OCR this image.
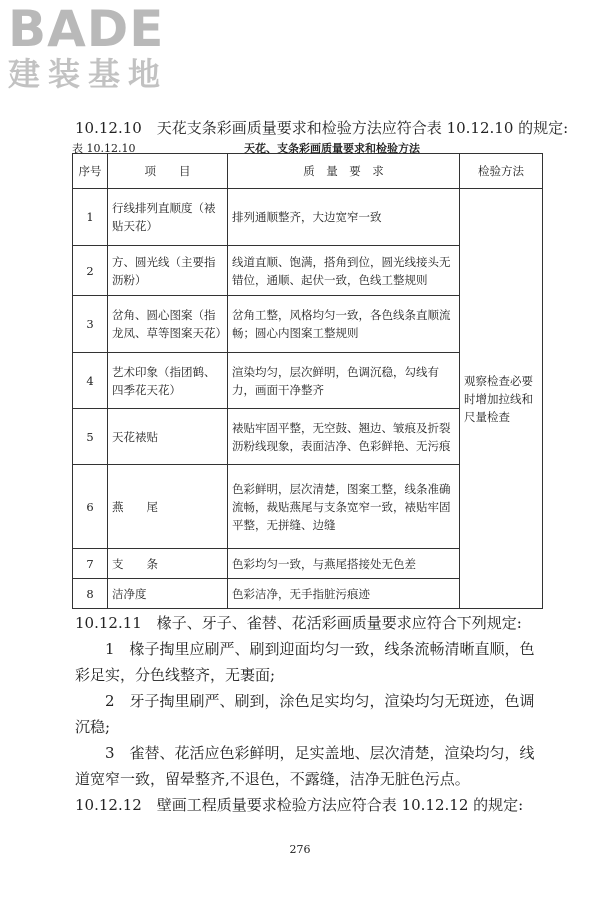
BADE
建装基地
10.12.10　天花支条彩画质量要求和检验方法应符合表 10.12.10 的规定:
表 10.12.10	天花、支条彩画质量要求和检验方法
序号	项　　目	质　量　要　求	检验方法
1	行线排列直顺度（裱贴天花）	排列通顺整齐，大边宽窄一致	观察检查必要时增加拉线和尺量检查
2	方、圆光线（主要指沥粉）	线道直顺、饱满，搭角到位，圆光线接头无错位，通顺、起伏一致，色线工整规则	
3	岔角、圆心图案（指龙凤、草等图案天花）	岔角工整，风格均匀一致，各色线条直顺流畅；圆心内图案工整规则	
4	艺术印象（指团鹤、四季花天花）	渲染均匀，层次鲜明，色调沉稳，勾线有力，画面干净整齐	
5	天花裱贴	裱贴牢固平整，无空鼓、翘边、皱痕及折裂沥粉线现象，表面洁净、色彩鲜艳、无污痕	
6	燕　　尾	色彩鲜明，层次清楚，图案工整，线条准确流畅，裁贴燕尾与支条宽窄一致，裱贴牢固平整，无拼缝、边缝	
7	支　　条	色彩均匀一致，与燕尾搭接处无色差	
8	洁净度	色彩洁净，无手指脏污痕迹	

10.12.11　椽子、牙子、雀替、花活彩画质量要求应符合下列规定:

1　椽子掏里应刷严、刷到迎面均匀一致，线条流畅清晰直顺，色彩足实，分色线整齐，无裹面;

2　牙子掏里刷严、刷到，涂色足实均匀，渲染均匀无斑迹，色调沉稳;

3　雀替、花活应色彩鲜明，足实盖地、层次清楚，渲染均匀，线道宽窄一致，留晕整齐,不退色，不露缝，洁净无脏色污点。

10.12.12　壁画工程质量要求检验方法应符合表 10.12.12 的规定:

276
